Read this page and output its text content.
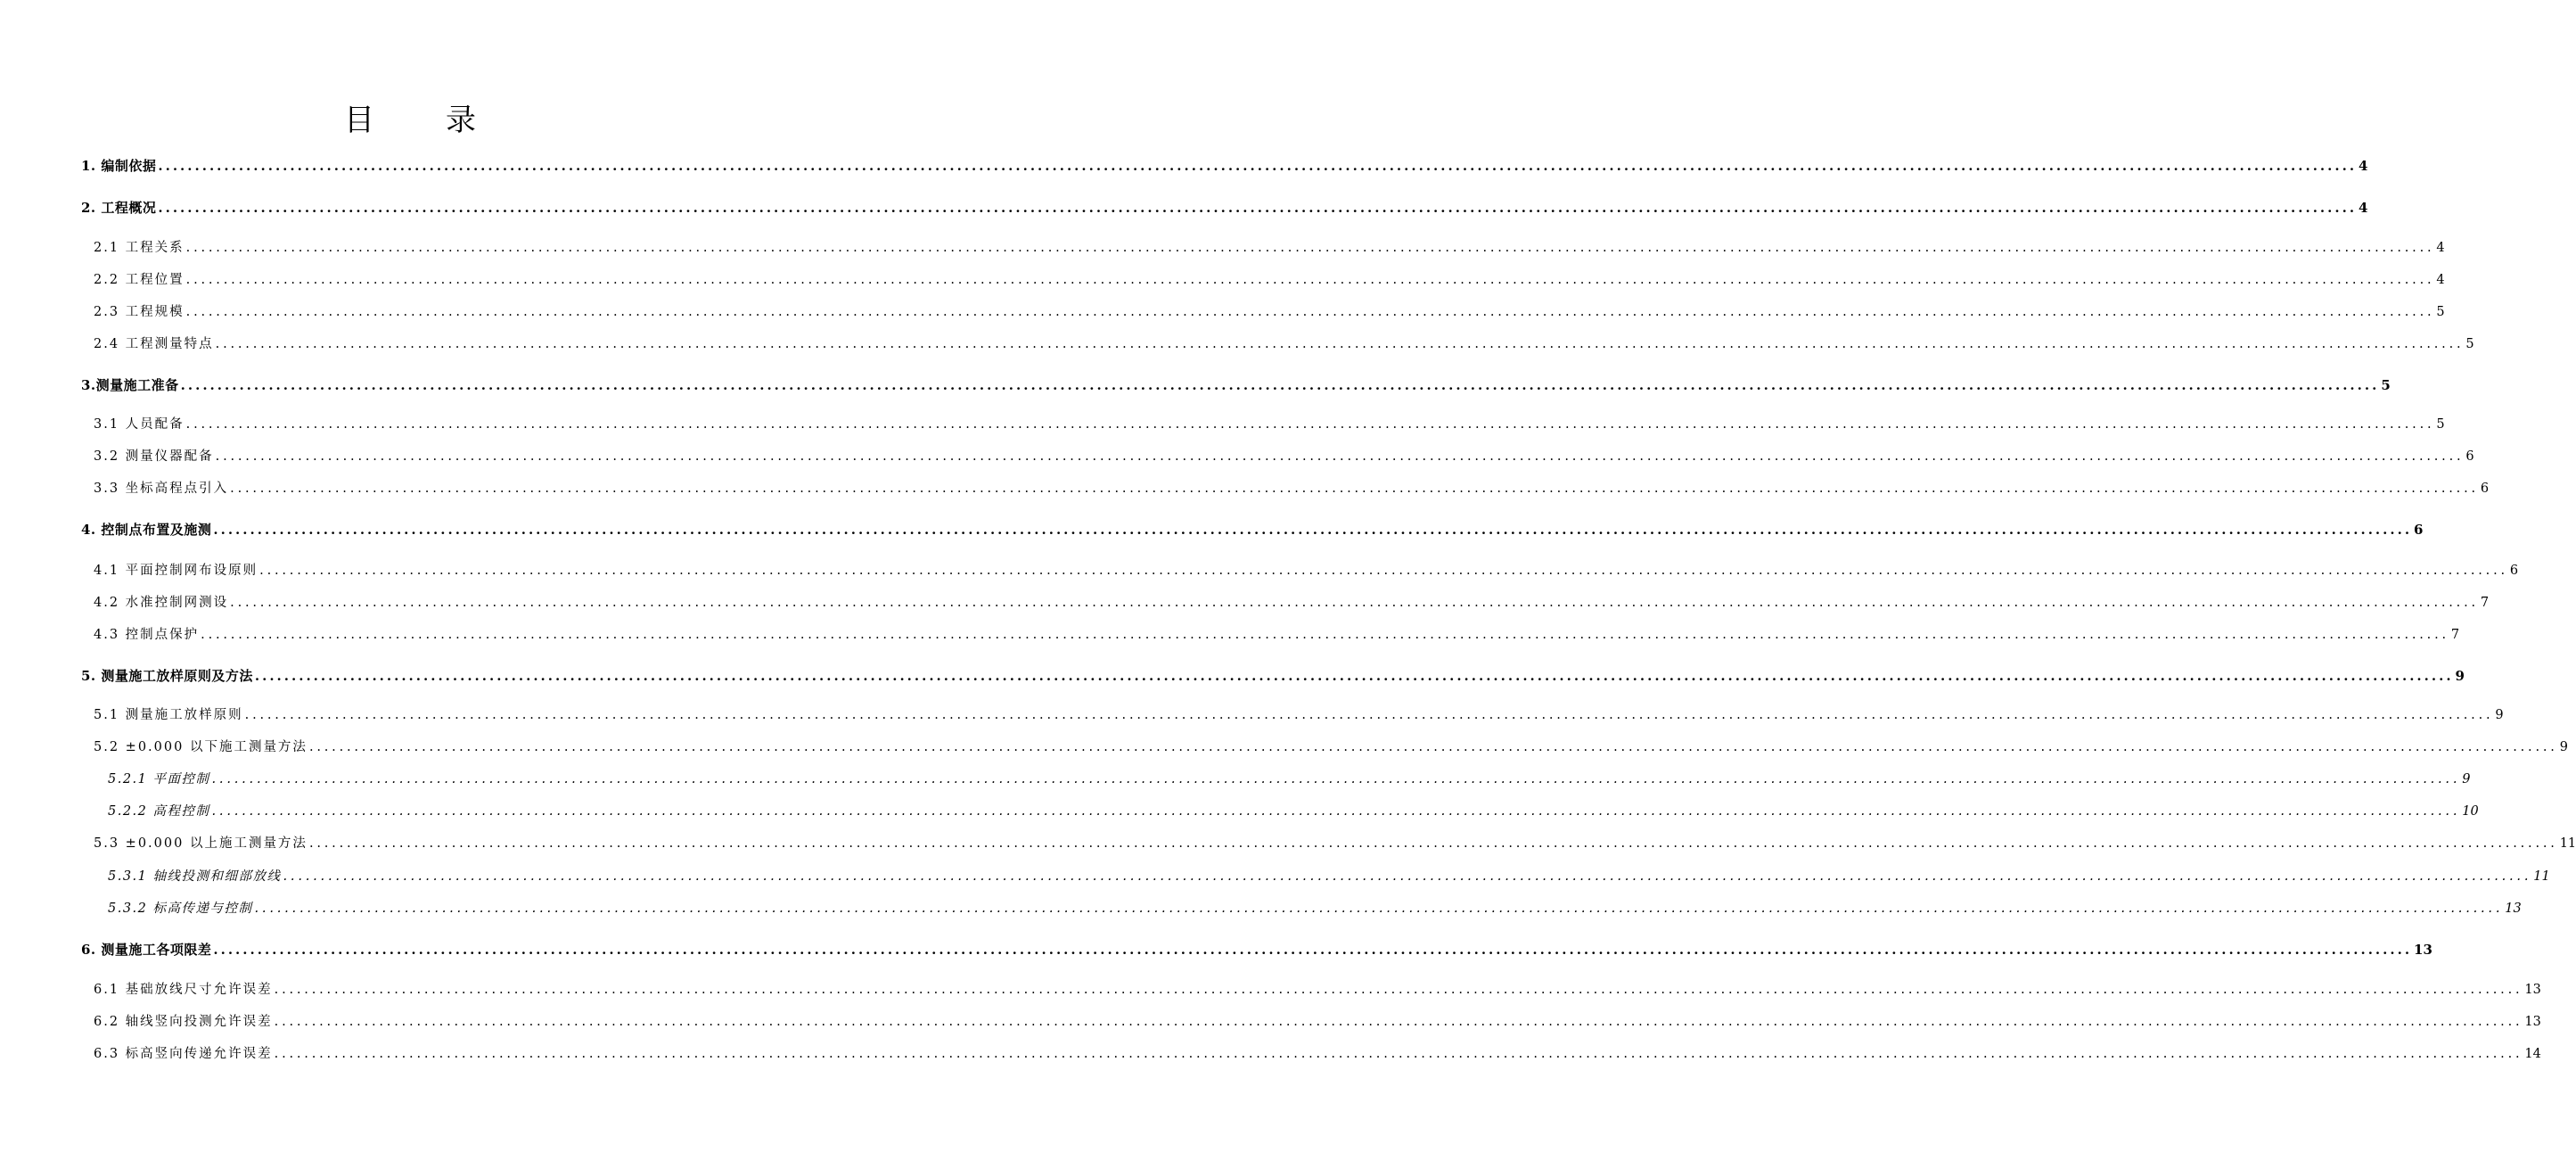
目录
1. 编制依据 ............................................................................................................................................................................................................................................................................................................ 4
2. 工程概况 ............................................................................................................................................................................................................................................................................................................ 4
2.1 工程关系 ............................................................................................................................................................................................................................................................................................................ 4
2.2 工程位置 ............................................................................................................................................................................................................................................................................................................ 4
2.3 工程规模 ............................................................................................................................................................................................................................................................................................................ 5
2.4 工程测量特点 ............................................................................................................................................................................................................................................................................................................ 5
3.测量施工准备 ............................................................................................................................................................................................................................................................................................................ 5
3.1 人员配备 ............................................................................................................................................................................................................................................................................................................ 5
3.2 测量仪器配备 ............................................................................................................................................................................................................................................................................................................ 6
3.3 坐标高程点引入 ............................................................................................................................................................................................................................................................................................................ 6
4. 控制点布置及施测 ............................................................................................................................................................................................................................................................................................................ 6
4.1 平面控制网布设原则 ............................................................................................................................................................................................................................................................................................................ 6
4.2 水准控制网测设 ............................................................................................................................................................................................................................................................................................................ 7
4.3 控制点保护 ............................................................................................................................................................................................................................................................................................................ 7
5. 测量施工放样原则及方法 ............................................................................................................................................................................................................................................................................................................ 9
5.1 测量施工放样原则 ............................................................................................................................................................................................................................................................................................................ 9
5.2 ±0.000 以下施工测量方法 ............................................................................................................................................................................................................................................................................................................ 9
5.2.1 平面控制 ............................................................................................................................................................................................................................................................................................................ 9
5.2.2 高程控制 ............................................................................................................................................................................................................................................................................................................ 10
5.3 ±0.000 以上施工测量方法 ............................................................................................................................................................................................................................................................................................................ 11
5.3.1 轴线投测和细部放线 ............................................................................................................................................................................................................................................................................................................ 11
5.3.2 标高传递与控制 ............................................................................................................................................................................................................................................................................................................ 13
6. 测量施工各项限差 ............................................................................................................................................................................................................................................................................................................ 13
6.1 基础放线尺寸允许误差 ............................................................................................................................................................................................................................................................................................................ 13
6.2 轴线竖向投测允许误差 ............................................................................................................................................................................................................................................................................................................ 13
6.3 标高竖向传递允许误差 ............................................................................................................................................................................................................................................................................................................ 14
